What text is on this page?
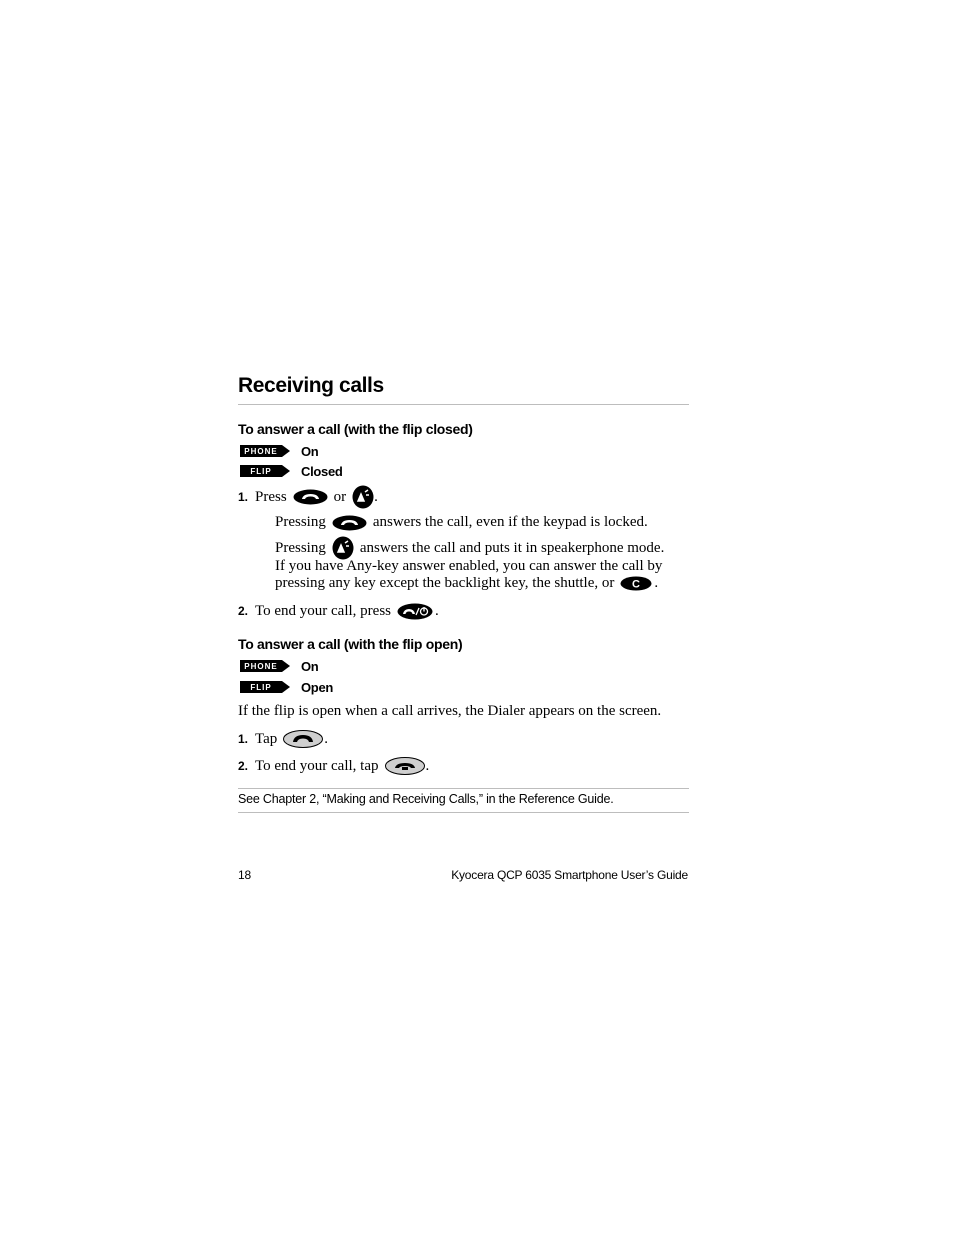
Receiving calls
To answer a call (with the flip closed)
PHONE	On
FLIP	Closed
1. Press	or .
Pressing	answers the call, even if the keypad is locked.
Pressing answers the call and puts it in speakerphone mode.
If you have Any-key answer enabled, you can answer the call by
pressing any key except the backlight key, the shuttle, or C .
2. To end your call, press	.
To answer a call (with the flip open)
PHONE	On
FLIP	Open
If the flip is open when a call arrives, the Dialer appears on the screen.
1. Tap	.
2. To end your call, tap	.
See Chapter 2, “Making and Receiving Calls,” in the Reference Guide.
18	Kyocera QCP 6035 Smartphone User’s Guide
